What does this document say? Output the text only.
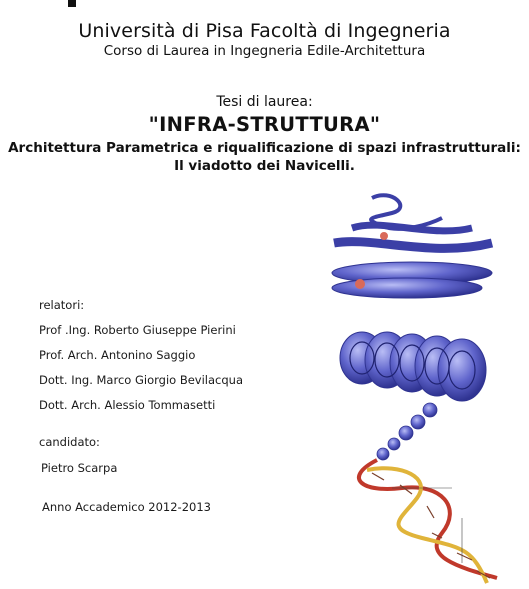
Università di Pisa Facoltà di Ingegneria
Corso di Laurea in Ingegneria Edile-Architettura
Tesi di laurea:
"INFRA-STRUTTURA"
Architettura Parametrica e riqualificazione di spazi infrastrutturali:
Il viadotto dei Navicelli.
relatori:
Prof .Ing. Roberto Giuseppe Pierini
Prof. Arch. Antonino Saggio
Dott. Ing. Marco Giorgio Bevilacqua
Dott. Arch. Alessio Tommasetti
candidato:
Pietro Scarpa
Anno Accademico 2012-2013
